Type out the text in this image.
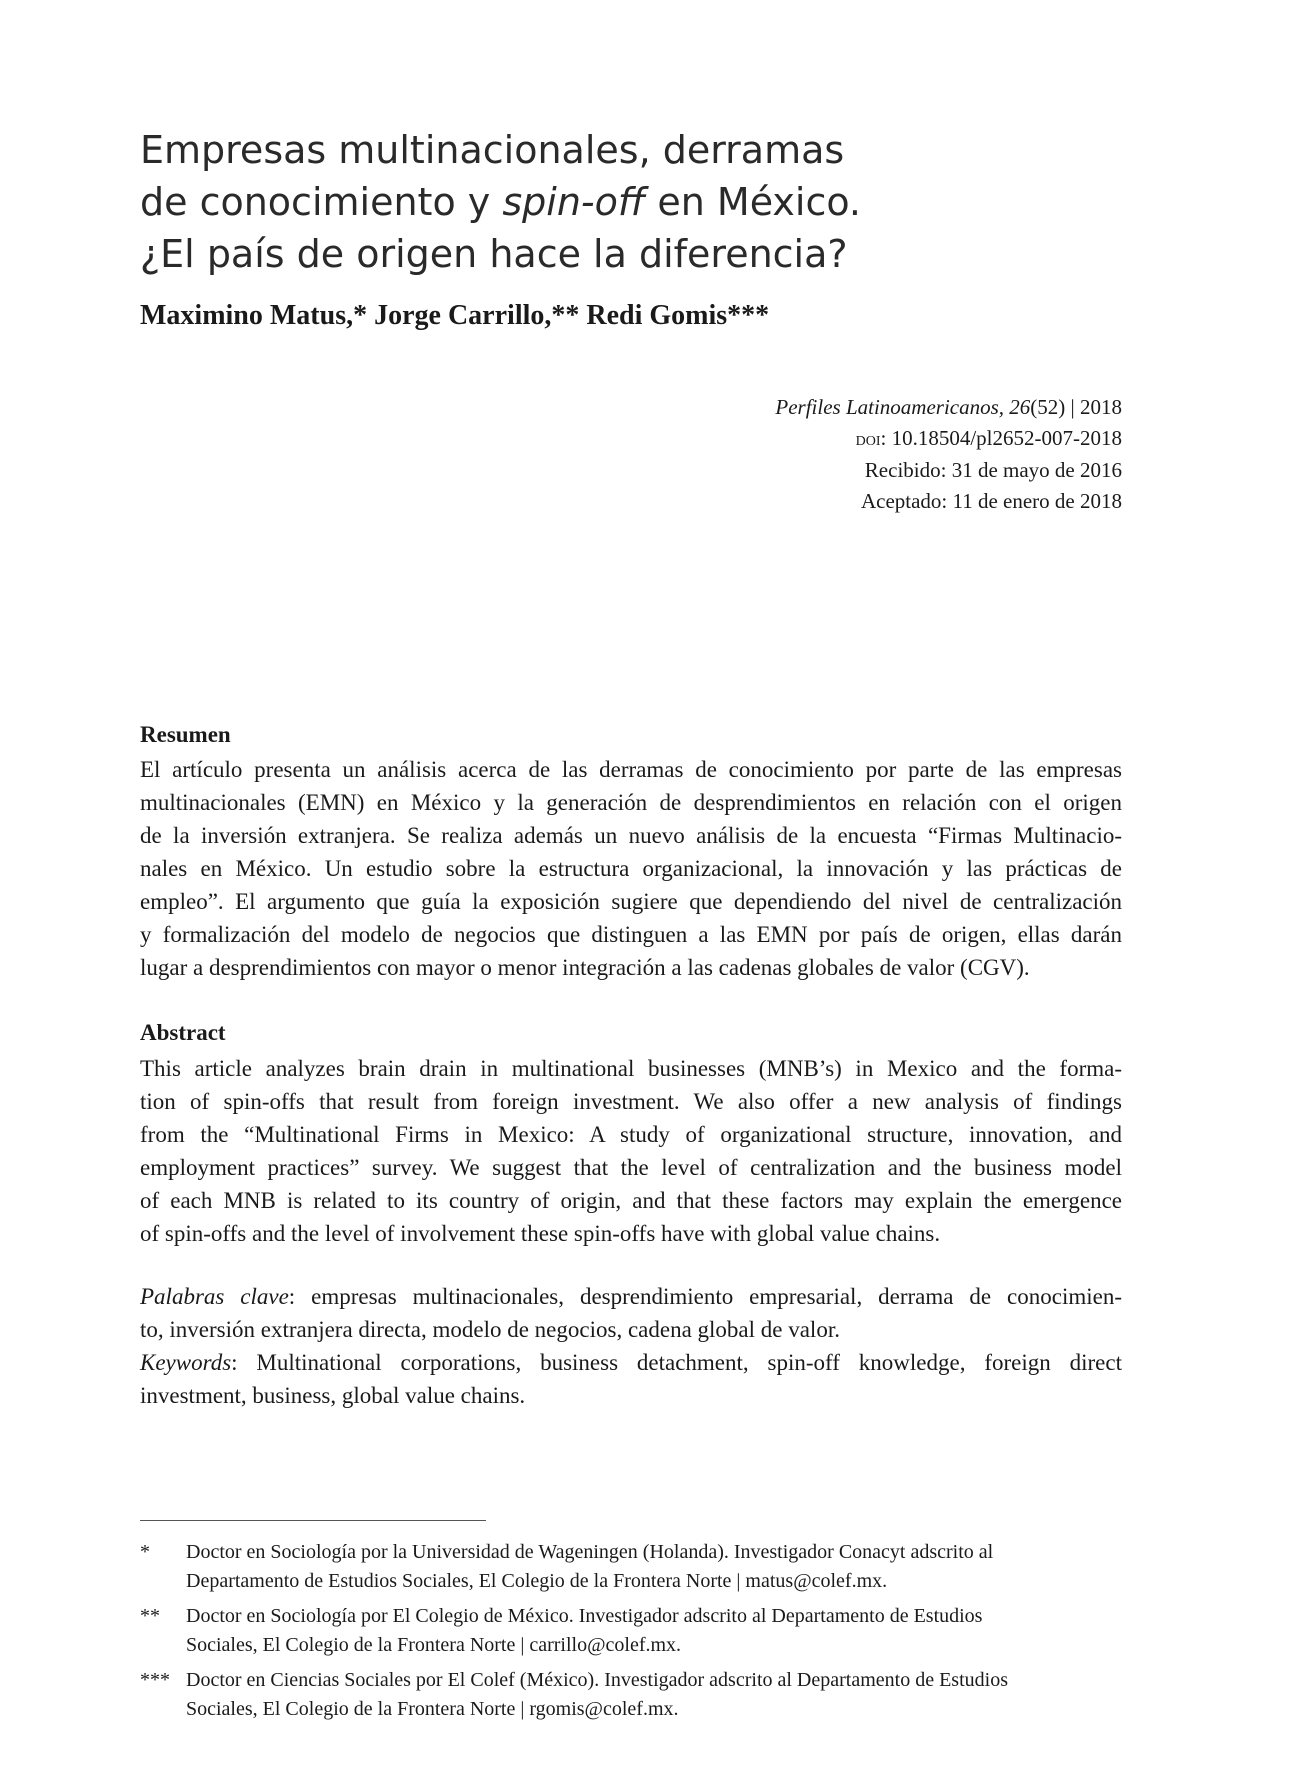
Empresas multinacionales, derramas
de conocimiento y spin-off en México.
¿El país de origen hace la diferencia?
Maximino Matus,* Jorge Carrillo,** Redi Gomis***
Perfiles Latinoamericanos, 26(52) | 2018
doi: 10.18504/pl2652-007-2018
Recibido: 31 de mayo de 2016
Aceptado: 11 de enero de 2018
Resumen
El artículo presenta un análisis acerca de las derramas de conocimiento por parte de las empresas
multinacionales (EMN) en México y la generación de desprendimientos en relación con el origen
de la inversión extranjera. Se realiza además un nuevo análisis de la encuesta “Firmas Multinacio-
nales en México. Un estudio sobre la estructura organizacional, la innovación y las prácticas de
empleo”. El argumento que guía la exposición sugiere que dependiendo del nivel de centralización
y formalización del modelo de negocios que distinguen a las EMN por país de origen, ellas darán
lugar a desprendimientos con mayor o menor integración a las cadenas globales de valor (CGV).
Abstract
This article analyzes brain drain in multinational businesses (MNB’s) in Mexico and the forma-
tion of spin-offs that result from foreign investment. We also offer a new analysis of findings
from the “Multinational Firms in Mexico: A study of organizational structure, innovation, and
employment practices” survey. We suggest that the level of centralization and the business model
of each MNB is related to its country of origin, and that these factors may explain the emergence
of spin-offs and the level of involvement these spin-offs have with global value chains.
Palabras clave: empresas multinacionales, desprendimiento empresarial, derrama de conocimien-
to, inversión extranjera directa, modelo de negocios, cadena global de valor.
Keywords: Multinational corporations, business detachment, spin-off knowledge, foreign direct
investment, business, global value chains.
* Doctor en Sociología por la Universidad de Wageningen (Holanda). Investigador Conacyt adscrito al
Departamento de Estudios Sociales, El Colegio de la Frontera Norte | matus@colef.mx.
** Doctor en Sociología por El Colegio de México. Investigador adscrito al Departamento de Estudios
Sociales, El Colegio de la Frontera Norte | carrillo@colef.mx.
*** Doctor en Ciencias Sociales por El Colef (México). Investigador adscrito al Departamento de Estudios
Sociales, El Colegio de la Frontera Norte | rgomis@colef.mx.
